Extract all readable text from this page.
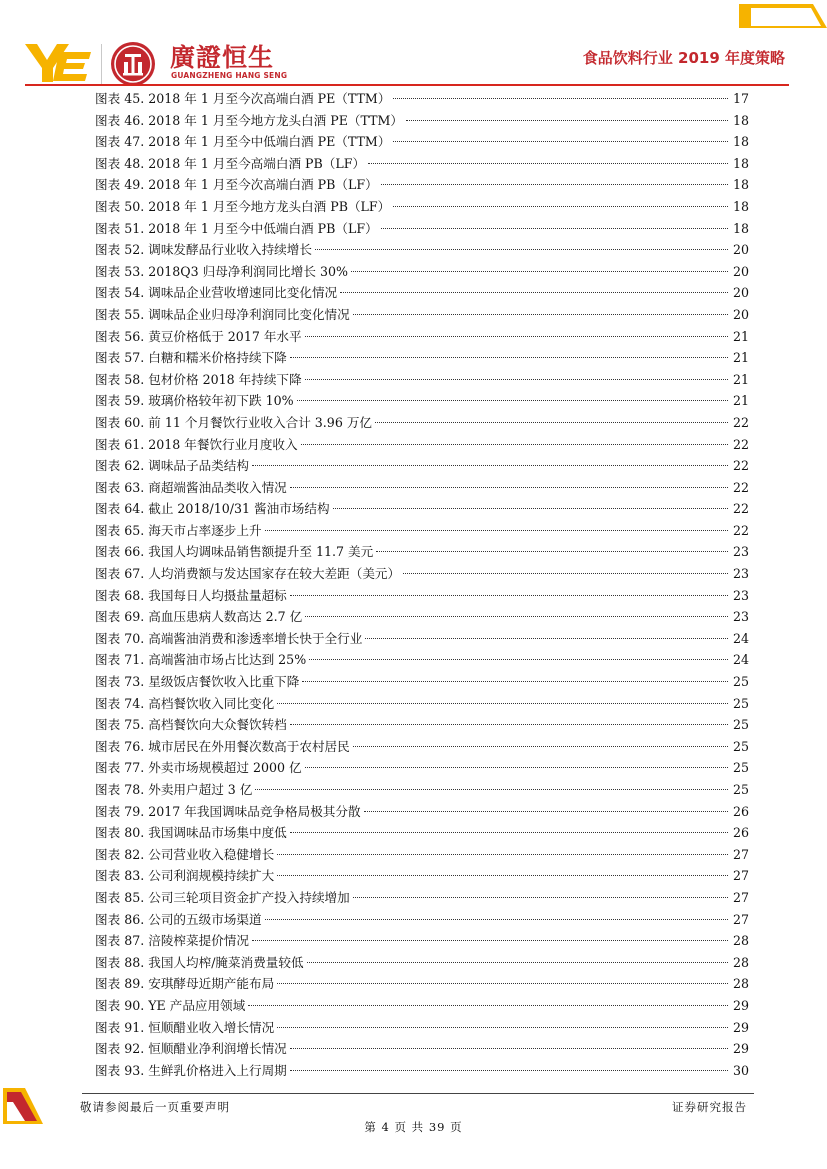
廣證恒生
GUANGZHENG HANG SENG
食品饮料行业 2019 年度策略
图表 45. 2018 年 1 月至今次高端白酒 PE（TTM）	17
图表 46. 2018 年 1 月至今地方龙头白酒 PE（TTM）	18
图表 47. 2018 年 1 月至今中低端白酒 PE（TTM）	18
图表 48. 2018 年 1 月至今高端白酒 PB（LF）	18
图表 49. 2018 年 1 月至今次高端白酒 PB（LF）	18
图表 50. 2018 年 1 月至今地方龙头白酒 PB（LF）	18
图表 51. 2018 年 1 月至今中低端白酒 PB（LF）	18
图表 52. 调味发酵品行业收入持续增长	20
图表 53. 2018Q3 归母净利润同比增长 30%	20
图表 54. 调味品企业营收增速同比变化情况	20
图表 55. 调味品企业归母净利润同比变化情况	20
图表 56. 黄豆价格低于 2017 年水平	21
图表 57. 白糖和糯米价格持续下降	21
图表 58. 包材价格 2018 年持续下降	21
图表 59. 玻璃价格较年初下跌 10%	21
图表 60. 前 11 个月餐饮行业收入合计 3.96 万亿	22
图表 61. 2018 年餐饮行业月度收入	22
图表 62. 调味品子品类结构	22
图表 63. 商超端酱油品类收入情况	22
图表 64. 截止 2018/10/31 酱油市场结构	22
图表 65. 海天市占率逐步上升	22
图表 66. 我国人均调味品销售额提升至 11.7 美元	23
图表 67. 人均消费额与发达国家存在较大差距（美元）	23
图表 68. 我国每日人均摄盐量超标	23
图表 69. 高血压患病人数高达 2.7 亿	23
图表 70. 高端酱油消费和渗透率增长快于全行业	24
图表 71. 高端酱油市场占比达到 25%	24
图表 73. 星级饭店餐饮收入比重下降	25
图表 74. 高档餐饮收入同比变化	25
图表 75. 高档餐饮向大众餐饮转档	25
图表 76. 城市居民在外用餐次数高于农村居民	25
图表 77. 外卖市场规模超过 2000 亿	25
图表 78. 外卖用户超过 3 亿	25
图表 79. 2017 年我国调味品竞争格局极其分散	26
图表 80. 我国调味品市场集中度低	26
图表 82. 公司营业收入稳健增长	27
图表 83. 公司利润规模持续扩大	27
图表 85. 公司三轮项目资金扩产投入持续增加	27
图表 86. 公司的五级市场渠道	27
图表 87. 涪陵榨菜提价情况	28
图表 88. 我国人均榨/腌菜消费量较低	28
图表 89. 安琪酵母近期产能布局	28
图表 90. YE 产品应用领域	29
图表 91. 恒顺醋业收入增长情况	29
图表 92. 恒顺醋业净利润增长情况	29
图表 93. 生鲜乳价格进入上行周期	30
敬请参阅最后一页重要声明	证券研究报告
第 4 页 共 39 页
